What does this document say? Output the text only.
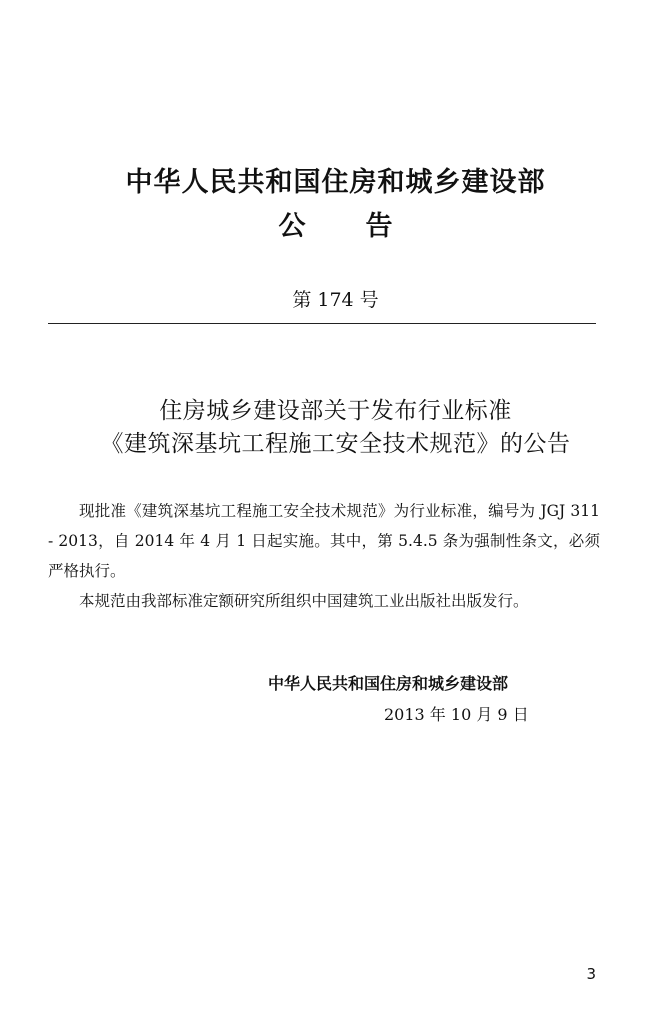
中华人民共和国住房和城乡建设部
公告
第 174 号
住房城乡建设部关于发布行业标准
《建筑深基坑工程施工安全技术规范》的公告

现批准《建筑深基坑工程施工安全技术规范》为行业标准，编号为 JGJ 311 - 2013，自 2014 年 4 月 1 日起实施。其中，第 5.4.5 条为强制性条文，必须严格执行。

本规范由我部标准定额研究所组织中国建筑工业出版社出版发行。

中华人民共和国住房和城乡建设部
2013 年 10 月 9 日
3
